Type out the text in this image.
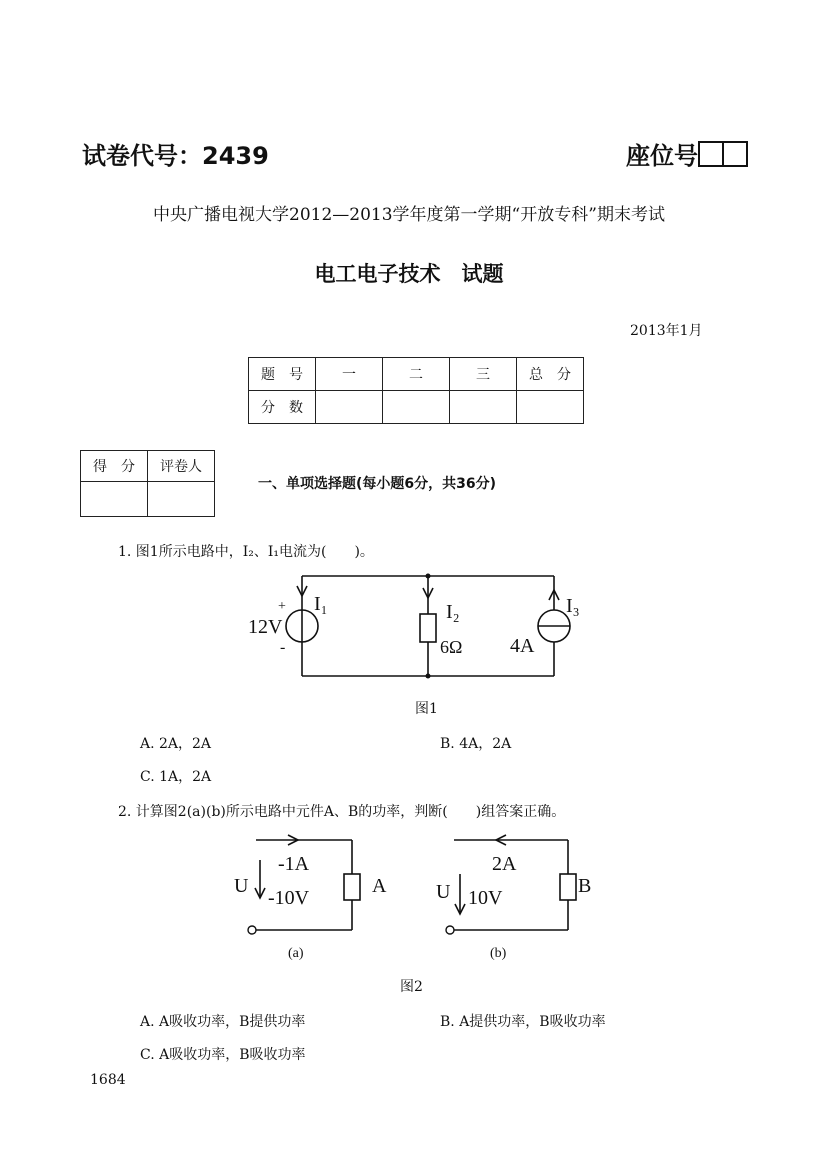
试卷代号：2439	座位号
中央广播电视大学2012—2013学年度第一学期“开放专科”期末考试
电工电子技术　试题
2013年1月
题　号	一	二	三	总　分
分　数				
得　分	评卷人

一、单项选择题(每小题6分，共36分)
1. 图1所示电路中，I₂、I₁电流为(　　)。
+
-
12V
I₁	I₂
6Ω
I₃
4A
图1
A. 2A，2A	B. 4A，2A
C. 1A，2A
2. 计算图2(a)(b)所示电路中元件A、B的功率，判断(　　)组答案正确。
-1A
U
-10V
A
(a)
2A
U 10V
B
(b)
图2
A. A吸收功率，B提供功率	B. A提供功率，B吸收功率
C. A吸收功率，B吸收功率
1684
